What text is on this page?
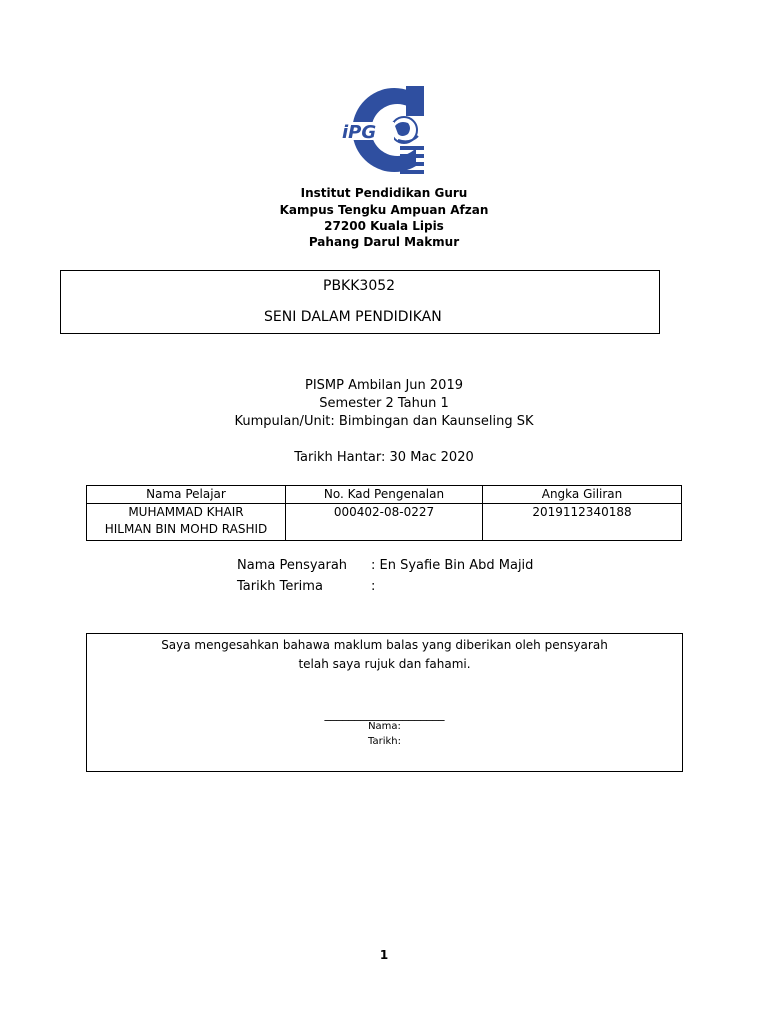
iPG
Institut Pendidikan Guru
Kampus Tengku Ampuan Afzan
27200 Kuala Lipis
Pahang Darul Makmur
PBKK3052
SENI DALAM PENDIDIKAN
PISMP Ambilan Jun 2019
Semester 2 Tahun 1
Kumpulan/Unit: Bimbingan dan Kaunseling SK
Tarikh Hantar: 30 Mac 2020
Nama Pelajar	No. Kad Pengenalan	Angka Giliran

MUHAMMAD KHAIR
HILMAN BIN MOHD RASHID	000402-08-0227	2019112340188
Nama Pensyarah : En Syafie Bin Abd Majid
Tarikh Terima	:
Saya mengesahkan bahawa maklum balas yang diberikan oleh pensyarah
telah saya rujuk dan fahami.
____________________
Nama:
Tarikh:
1
